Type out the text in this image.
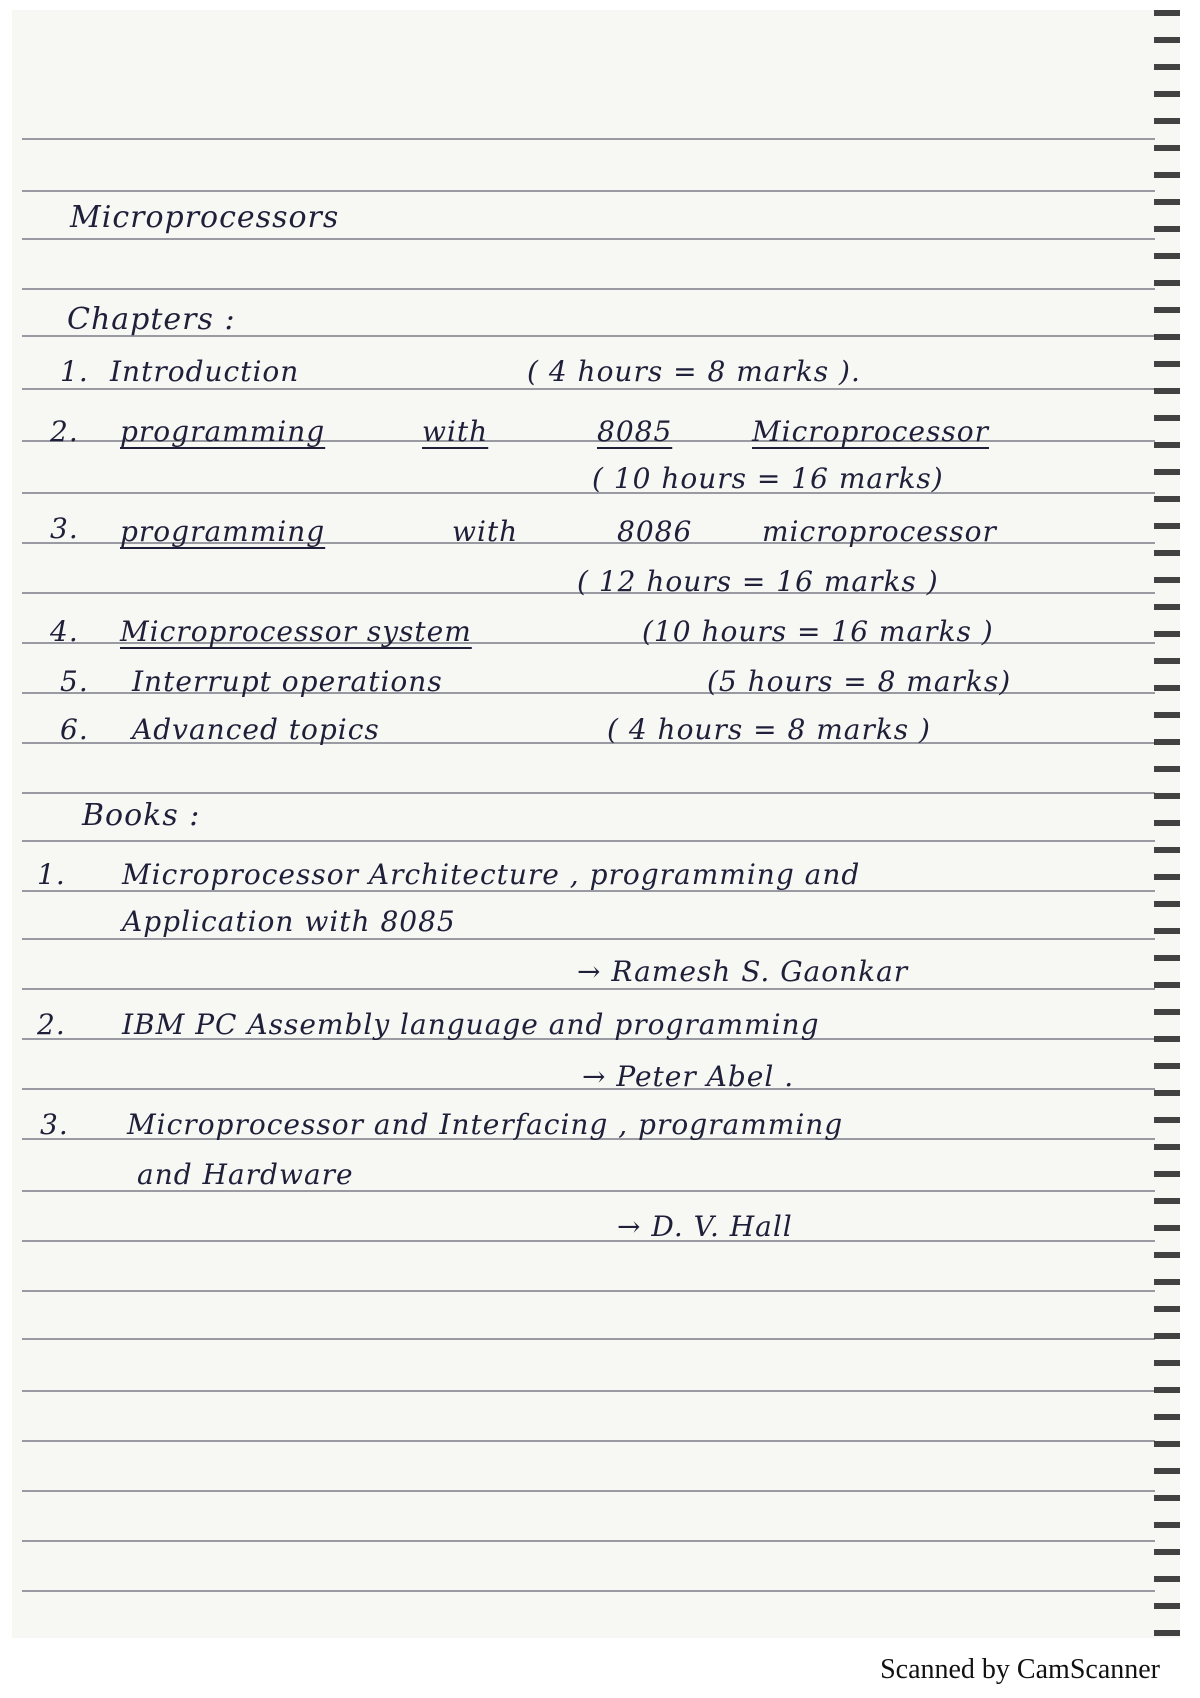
Microprocessors
Chapters :
1. Introduction	( 4 hours = 8 marks ).
2. programming	with	8085	Microprocessor
( 10 hours = 16 marks)
3. programming	with	8086 microprocessor
( 12 hours = 16 marks )
4. Microprocessor system	(10 hours = 16 marks )
5. Interrupt operations	(5 hours = 8 marks)
6. Advanced topics	( 4 hours = 8 marks )
Books :
1. Microprocessor Architecture , programming and
Application with 8085
→ Ramesh S. Gaonkar
2. IBM PC Assembly language and programming
→ Peter Abel .
3. Microprocessor and Interfacing , programming
and Hardware
→ D. V. Hall
Scanned by CamScanner
